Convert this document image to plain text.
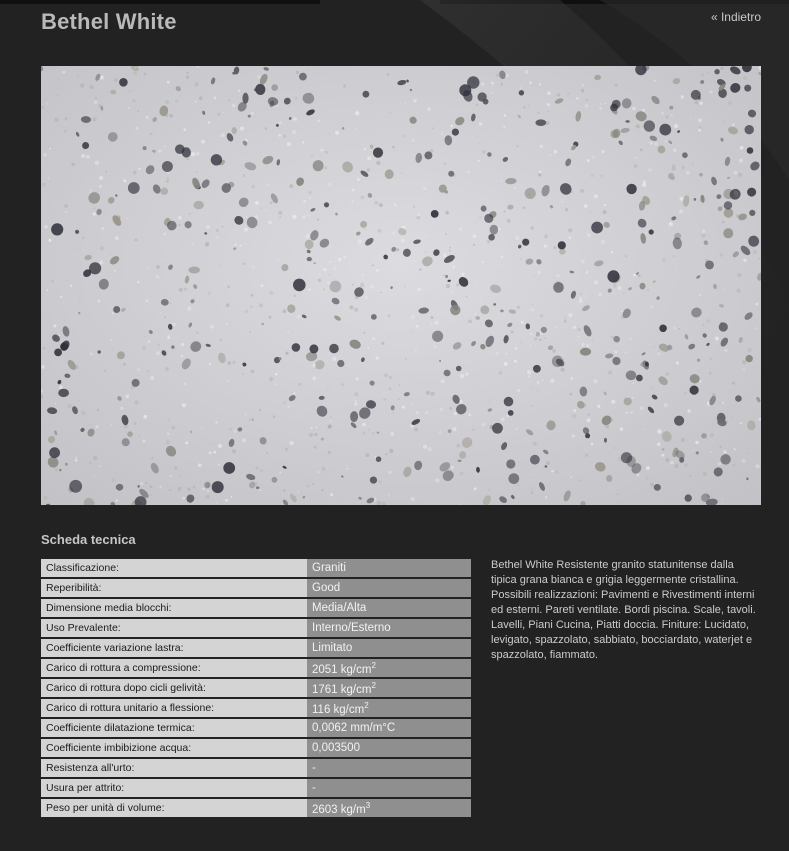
Bethel White	« Indietro
Scheda tecnica
Classificazione:	Graniti
Reperibilità:	Good
Dimensione media blocchi:	Media/Alta
Uso Prevalente:	Interno/Esterno
Coefficiente variazione lastra:	Limitato
Carico di rottura a compressione:	2051 $kg/cm^2$
Carico di rottura dopo cicli gelività:	1761 $kg/cm^2$
Carico di rottura unitario a flessione:	116 $kg/cm^2$
Coefficiente dilatazione termica:	0,0062 mm/m°C
Coefficiente imbibizione acqua:	0,003500
Resistenza all'urto:	-
Usura per attrito:	-
Peso per unità di volume:	2603 $kg/m^3$

Bethel White Resistente granito statunitense dalla tipica grana bianca e grigia leggermente cristallina. Possibili realizzazioni: Pavimenti e Rivestimenti interni ed esterni. Pareti ventilate. Bordi piscina. Scale, tavoli. Lavelli, Piani Cucina, Piatti doccia. Finiture: Lucidato, levigato, spazzolato, sabbiato, bocciardato, waterjet e spazzolato, fiammato.
